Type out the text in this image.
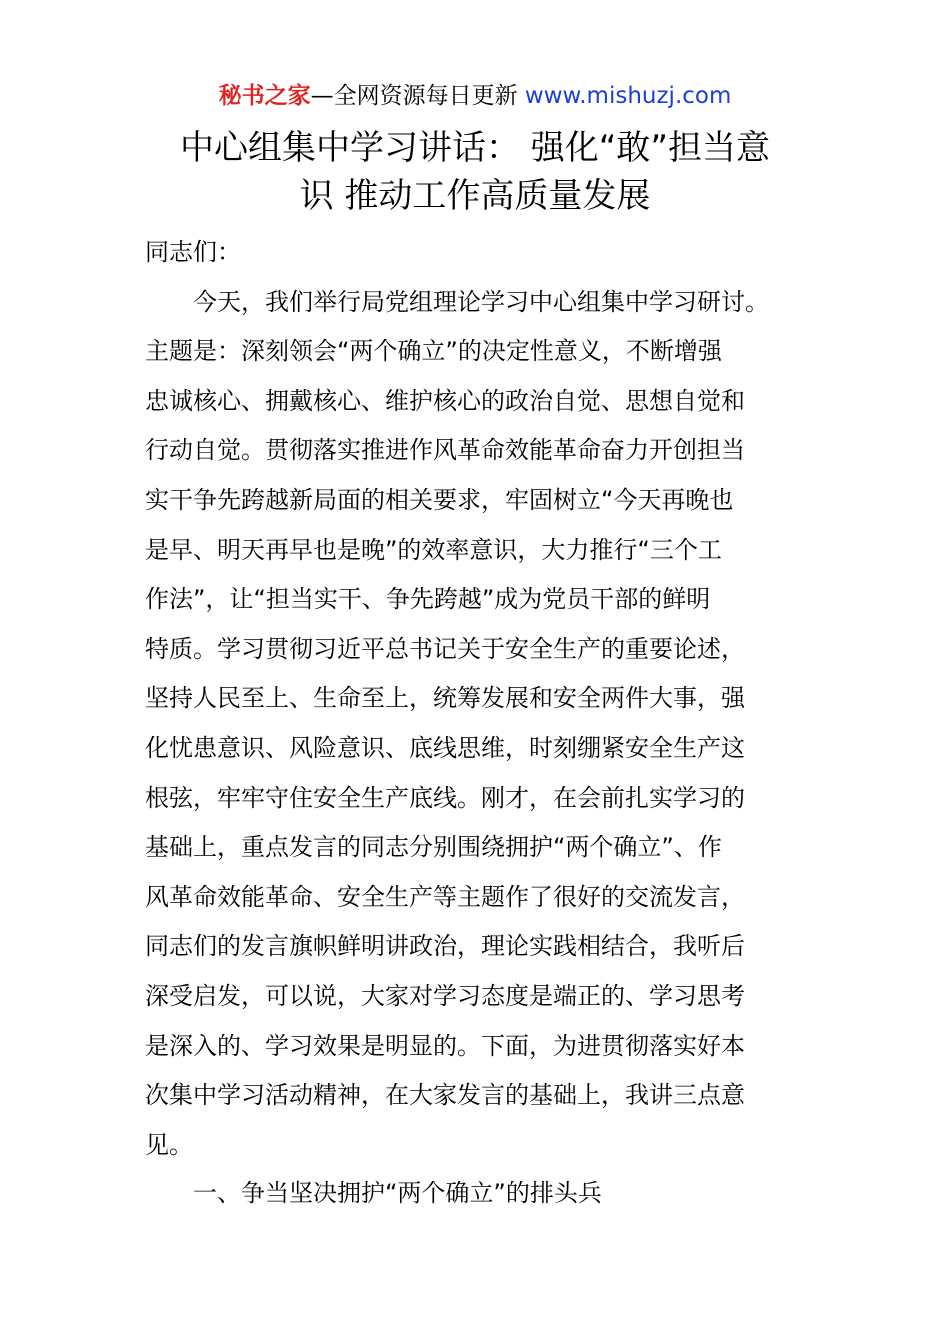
秘书之家—全网资源每日更新 www.mishuzj.com
中心组集中学习讲话： 强化“敢”担当意
识 推动工作高质量发展
同志们：
今天，我们举行局党组理论学习中心组集中学习研讨。
主题是：深刻领会“两个确立”的决定性意义，不断增强
忠诚核心、拥戴核心、维护核心的政治自觉、思想自觉和
行动自觉。贯彻落实推进作风革命效能革命奋力开创担当
实干争先跨越新局面的相关要求，牢固树立“今天再晚也
是早、明天再早也是晚”的效率意识，大力推行“三个工
作法”，让“担当实干、争先跨越”成为党员干部的鲜明
特质。学习贯彻习近平总书记关于安全生产的重要论述，
坚持人民至上、生命至上，统筹发展和安全两件大事，强
化忧患意识、风险意识、底线思维，时刻绷紧安全生产这
根弦，牢牢守住安全生产底线。刚才，在会前扎实学习的
基础上，重点发言的同志分别围绕拥护“两个确立”、作
风革命效能革命、安全生产等主题作了很好的交流发言，
同志们的发言旗帜鲜明讲政治，理论实践相结合，我听后
深受启发，可以说，大家对学习态度是端正的、学习思考
是深入的、学习效果是明显的。下面，为进贯彻落实好本
次集中学习活动精神，在大家发言的基础上，我讲三点意
见。
一、争当坚决拥护“两个确立”的排头兵
